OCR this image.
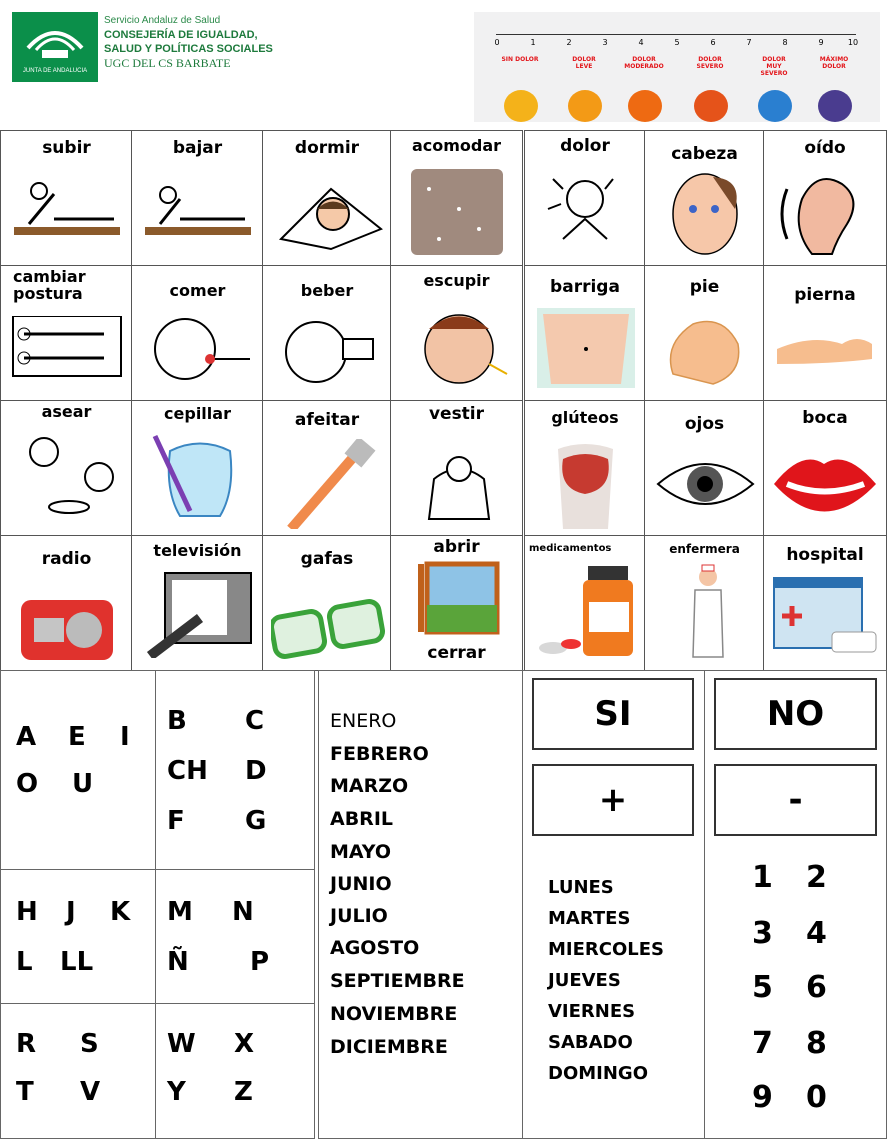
JUNTA DE ANDALUCIA
Servicio Andaluz de Salud
CONSEJERÍA DE IGUALDAD,
SALUD Y POLÍTICAS SOCIALES
UGC DEL CS BARBATE
0	1	2	3	4	5	6	7	8	9	10
SIN DOLOR	DOLOR LEVE
DOLOR MODERADO
DOLOR SEVERO
DOLOR MUY SEVERO
MÁXIMO DOLOR
subir	bajar	dormir	acomodar	dolor	cabeza	oído
cambiar postura	comer	beber
escupir	barriga	pie	pierna
asear	cepillar	afeitar	vestir	glúteos	ojos	boca
radio	televisión	gafas
abrir
cerrar
medicamentos	enfermera	hospital
A E I
O U
B C
CH D
F G
H J K
L LL
M N
Ñ P
R S
T V
W X
Y Z
ENERO
FEBRERO
MARZO
ABRIL
MAYO
JUNIO
JULIO
AGOSTO
SEPTIEMBRE
NOVIEMBRE
DICIEMBRE
SI	NO
+	-
LUNES
MARTES
MIERCOLES
JUEVES
VIERNES
SABADO
DOMINGO
1 2
3 4
5 6
7 8
9 0
